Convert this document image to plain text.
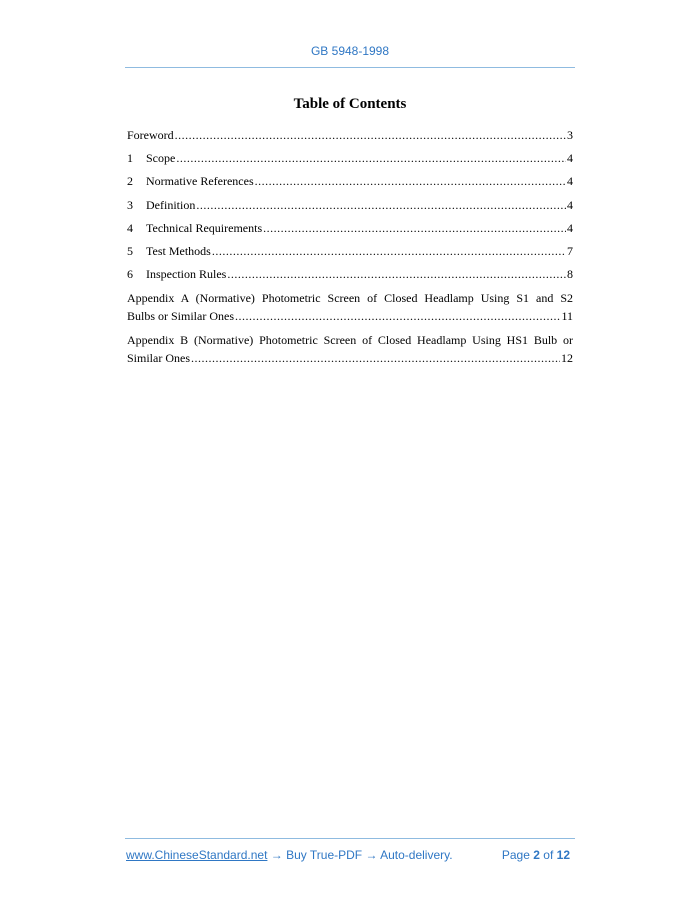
GB 5948-1998
Table of Contents
Foreword .....	3
1	Scope .....	4
2	Normative References .....	4
3	Definition .....	4
4	Technical Requirements .....	4
5	Test Methods .....	7
6	Inspection Rules .....	8
Appendix A (Normative) Photometric Screen of Closed Headlamp Using S1 and S2
Bulbs or Similar Ones .....	11
Appendix B (Normative) Photometric Screen of Closed Headlamp Using HS1 Bulb or
Similar Ones .....	12
www.ChineseStandard.net → Buy True-PDF → Auto-delivery.	Page 2 of 12
